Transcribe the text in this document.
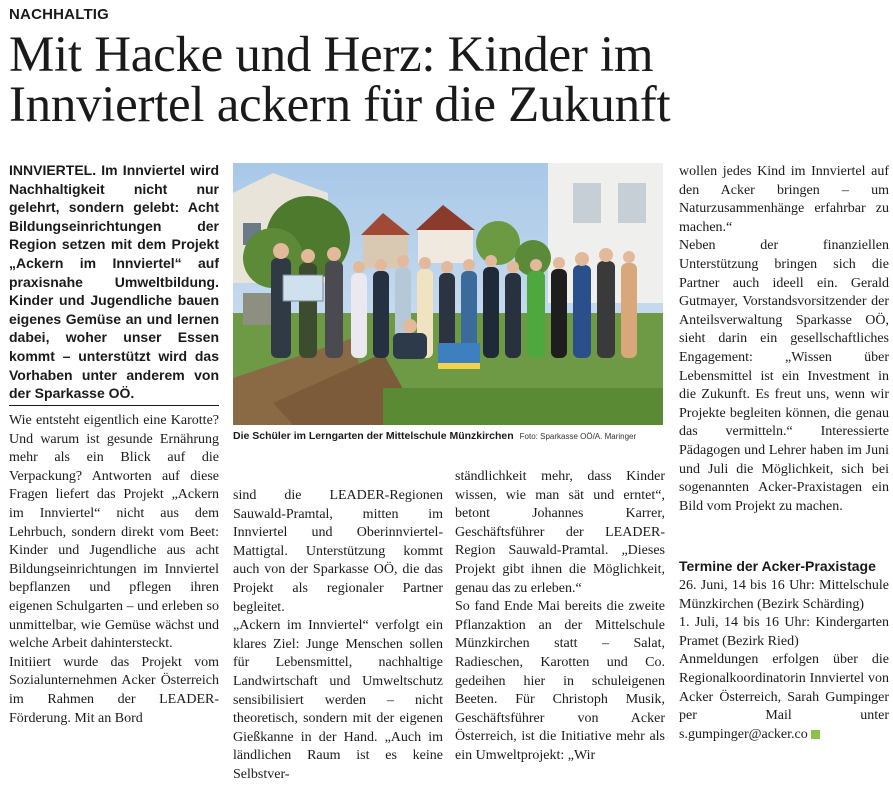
NACHHALTIG
Mit Hacke und Herz: Kinder im
Innviertel ackern für die Zukunft

INNVIERTEL. Im Innviertel wird Nachhaltigkeit nicht nur gelehrt, sondern gelebt: Acht Bildungseinrichtungen der Region setzen mit dem Projekt „Ackern im Innviertel“ auf praxisnahe Umweltbildung. Kinder und Jugendliche bauen eigenes Gemüse an und lernen dabei, woher unser Essen kommt – unterstützt wird das Vorhaben unter anderem von der Sparkasse OÖ.

Wie entsteht eigentlich eine Karotte? Und warum ist gesunde Ernährung mehr als ein Blick auf die Verpackung? Antworten auf diese Fragen liefert das Projekt „Ackern im Innviertel“ nicht aus dem Lehrbuch, sondern direkt vom Beet: Kinder und Jugendliche aus acht Bildungseinrichtungen im Innviertel bepflanzen und pflegen ihren eigenen Schulgarten – und erleben so unmittelbar, wie Gemüse wächst und welche Arbeit dahintersteckt.

Initiiert wurde das Projekt vom Sozialunternehmen Acker Österreich im Rahmen der LEADER-Förderung. Mit an Bord

Die Schüler im Lerngarten der Mittelschule Münzkirchen Foto: Sparkasse OÖ/A. Maringer

sind die LEADER-Regionen Sauwald-Pramtal, mitten im Innviertel und Oberinnviertel-Mattigtal. Unterstützung kommt auch von der Sparkasse OÖ, die das Projekt als regionaler Partner begleitet.

„Ackern im Innviertel“ verfolgt ein klares Ziel: Junge Menschen sollen für Lebensmittel, nachhaltige Landwirtschaft und Umweltschutz sensibilisiert werden – nicht theoretisch, sondern mit der eigenen Gießkanne in der Hand. „Auch im ländlichen Raum ist es keine Selbstver-

ständlichkeit mehr, dass Kinder wissen, wie man sät und erntet“, betont Johannes Karrer, Geschäftsführer der LEADER-Region Sauwald-Pramtal. „Dieses Projekt gibt ihnen die Möglichkeit, genau das zu erleben.“

So fand Ende Mai bereits die zweite Pflanzaktion an der Mittelschule Münzkirchen statt – Salat, Radieschen, Karotten und Co. gedeihen hier in schuleigenen Beeten. Für Christoph Musik, Geschäftsführer von Acker Österreich, ist die Initiative mehr als ein Umweltprojekt: „Wir

wollen jedes Kind im Innviertel auf den Acker bringen – um Naturzusammenhänge erfahrbar zu machen.“

Neben der finanziellen Unterstützung bringen sich die Partner auch ideell ein. Gerald Gutmayer, Vorstandsvorsitzender der Anteilsverwaltung Sparkasse OÖ, sieht darin ein gesellschaftliches Engagement: „Wissen über Lebensmittel ist ein Investment in die Zukunft. Es freut uns, wenn wir Projekte begleiten können, die genau das vermitteln.“ Interessierte Pädagogen und Lehrer haben im Juni und Juli die Möglichkeit, sich bei sogenannten Acker-Praxistagen ein Bild vom Projekt zu machen.

Termine der Acker-Praxistage

26. Juni, 14 bis 16 Uhr: Mittelschule Münzkirchen (Bezirk Schärding)

1. Juli, 14 bis 16 Uhr: Kindergarten Pramet (Bezirk Ried)

Anmeldungen erfolgen über die Regionalkoordinatorin Innviertel von Acker Österreich, Sarah Gumpinger per Mail unter s.gumpinger@acker.co
